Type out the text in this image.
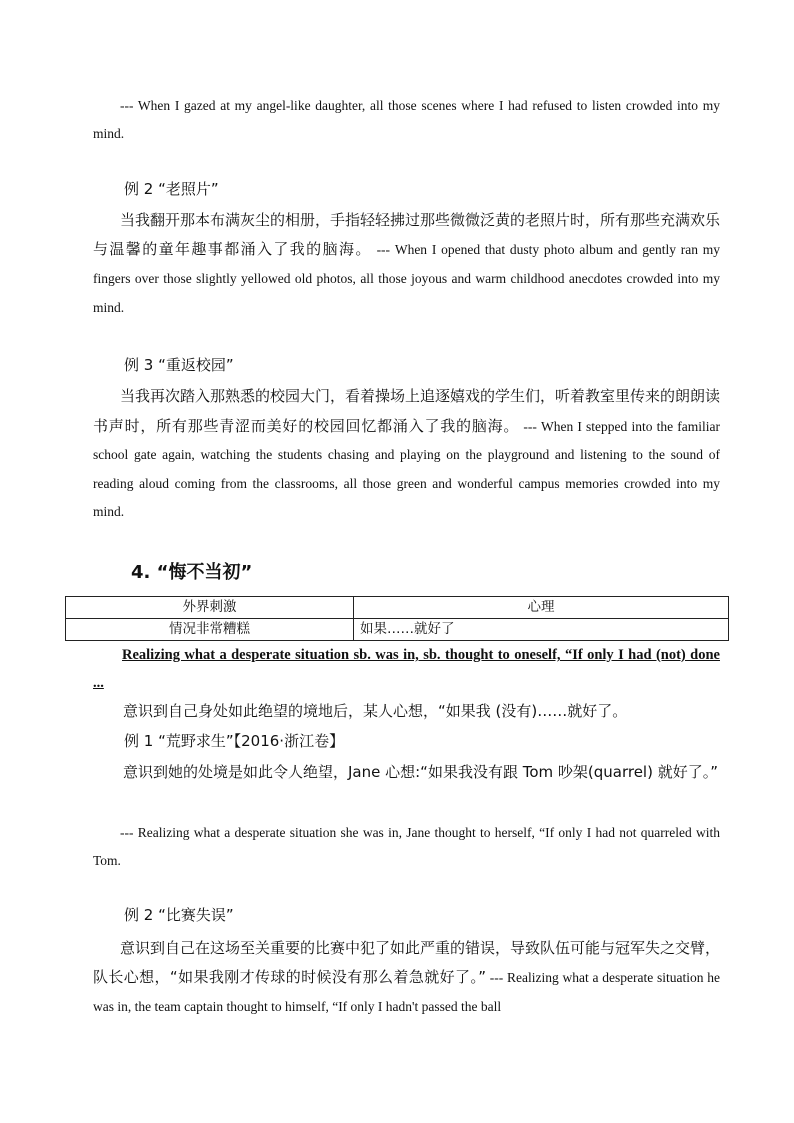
--- When I gazed at my angel-like daughter, all those scenes where I had refused to listen crowded into my mind.

例 2 “老照片”

当我翻开那本布满灰尘的相册，手指轻轻拂过那些微微泛黄的老照片时，所有那些充满欢乐与温馨的童年趣事都涌入了我的脑海。 --- When I opened that dusty photo album and gently ran my fingers over those slightly yellowed old photos, all those joyous and warm childhood anecdotes crowded into my mind.

例 3 “重返校园”

当我再次踏入那熟悉的校园大门，看着操场上追逐嬉戏的学生们，听着教室里传来的朗朗读书声时，所有那些青涩而美好的校园回忆都涌入了我的脑海。 --- When I stepped into the familiar school gate again, watching the students chasing and playing on the playground and listening to the sound of reading aloud coming from the classrooms, all those green and wonderful campus memories crowded into my mind.
4. “悔不当初”
外界刺激	心理
情况非常糟糕	如果……就好了

Realizing what a desperate situation sb. was in, sb. thought to oneself, “If only I had (not) done ...

意识到自己身处如此绝望的境地后，某人心想，“如果我 (没有)……就好了。

例 1 “荒野求生”【2016·浙江卷】

意识到她的处境是如此令人绝望，Jane 心想:“如果我没有跟 Tom 吵架(quarrel) 就好了。”

--- Realizing what a desperate situation she was in, Jane thought to herself, “If only I had not quarreled with Tom.

例 2 “比赛失误”

意识到自己在这场至关重要的比赛中犯了如此严重的错误，导致队伍可能与冠军失之交臂，队长心想，“如果我刚才传球的时候没有那么着急就好了。” --- Realizing what a desperate situation he was in, the team captain thought to himself, “If only I hadn't passed the ball
